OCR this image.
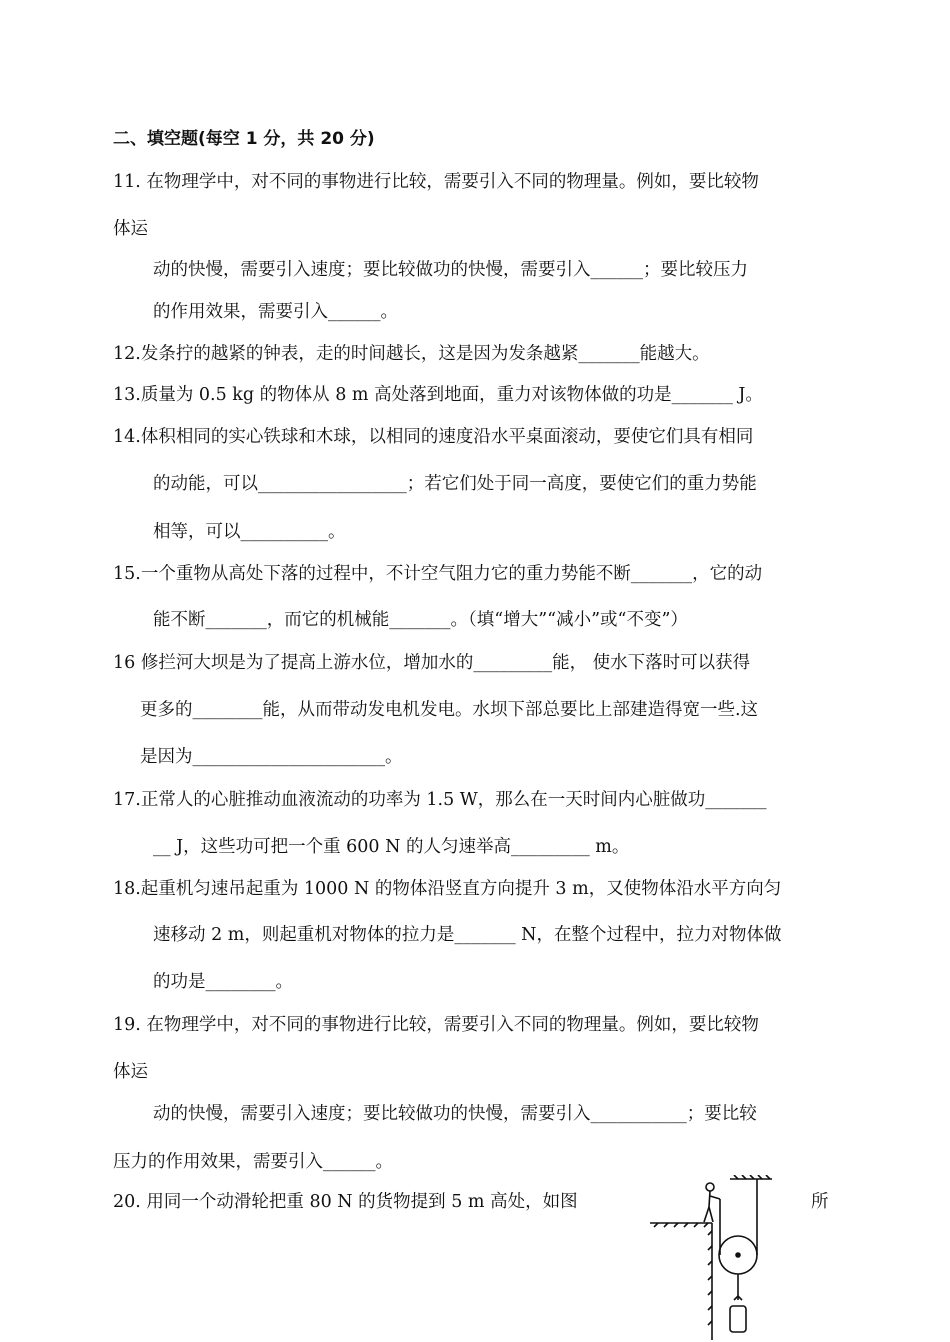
二、填空题(每空 1 分，共 20 分)
11. 在物理学中，对不同的事物进行比较，需要引入不同的物理量。例如，要比较物
体运
动的快慢，需要引入速度；要比较做功的快慢，需要引入______；要比较压力
的作用效果，需要引入______。
12.发条拧的越紧的钟表，走的时间越长，这是因为发条越紧_______能越大。
13.质量为 0.5 kg 的物体从 8 m 高处落到地面，重力对该物体做的功是_______ J。
14.体积相同的实心铁球和木球，以相同的速度沿水平桌面滚动，要使它们具有相同
的动能，可以_________________；若它们处于同一高度，要使它们的重力势能
相等，可以__________。
15.一个重物从高处下落的过程中，不计空气阻力它的重力势能不断_______，它的动
能不断_______，而它的机械能_______。（填“增大”“减小”或“不变”）
16 修拦河大坝是为了提高上游水位，增加水的_________能， 使水下落时可以获得
更多的________能，从而带动发电机发电。水坝下部总要比上部建造得宽一些.这
是因为______________________。
17.正常人的心脏推动血液流动的功率为 1.5 W，那么在一天时间内心脏做功_______
__ J，这些功可把一个重 600 N 的人匀速举高_________ m。
18.起重机匀速吊起重为 1000 N 的物体沿竖直方向提升 3 m，又使物体沿水平方向匀
速移动 2 m，则起重机对物体的拉力是_______ N，在整个过程中，拉力对物体做
的功是________。
19. 在物理学中，对不同的事物进行比较，需要引入不同的物理量。例如，要比较物
体运
动的快慢，需要引入速度；要比较做功的快慢，需要引入___________；要比较
压力的作用效果，需要引入______。
20. 用同一个动滑轮把重 80 N 的货物提到 5 m 高处，如图	所
